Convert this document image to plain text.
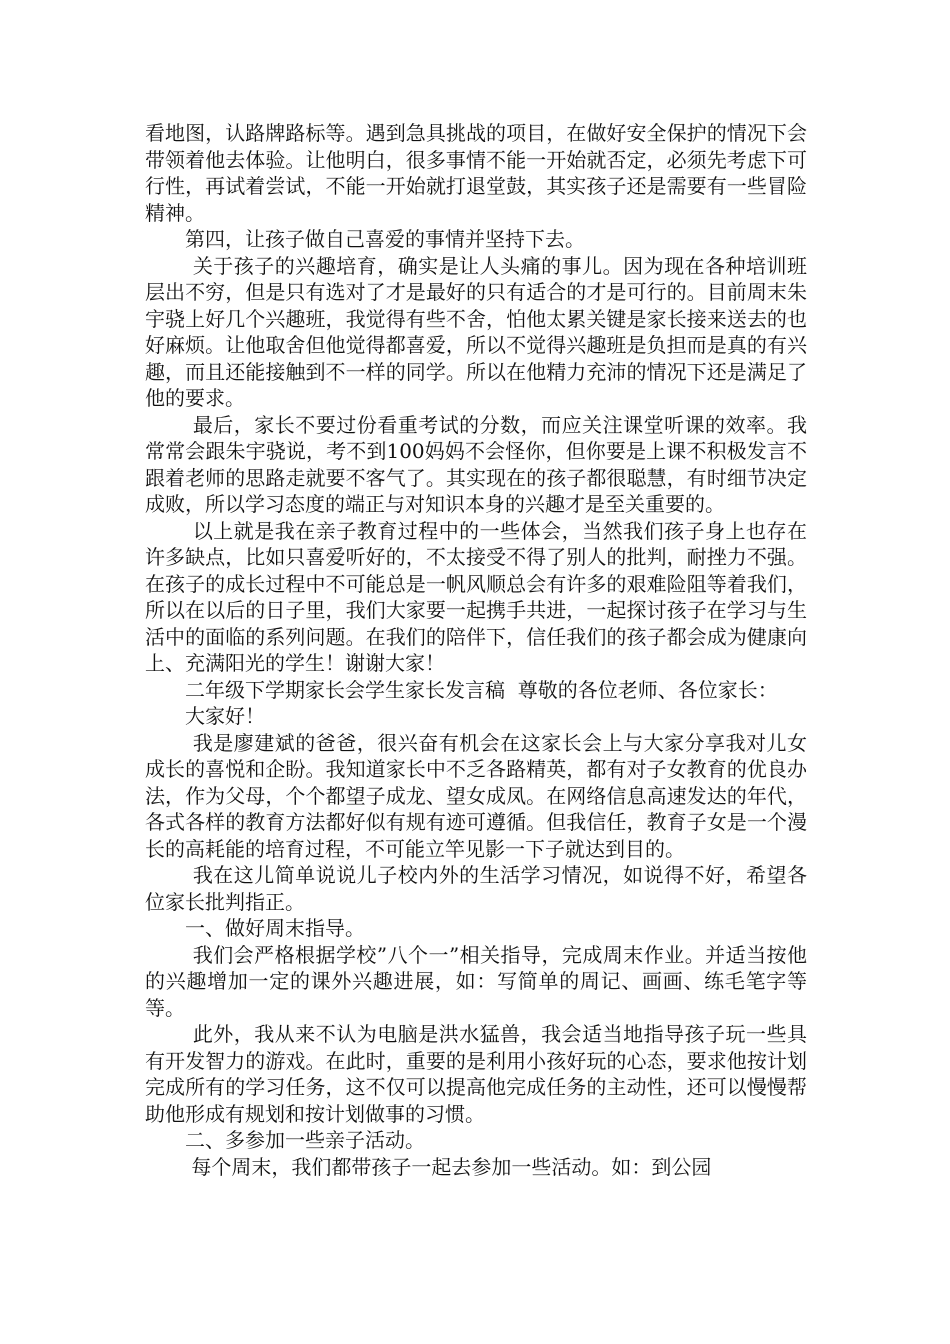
看地图，认路牌路标等。遇到急具挑战的项目，在做好安全保护的情况下会带领着他去体验。让他明白，很多事情不能一开始就否定，必须先考虑下可行性，再试着尝试，不能一开始就打退堂鼓，其实孩子还是需要有一些冒险精神。

　　第四，让孩子做自己喜爱的事情并坚持下去。

　　 关于孩子的兴趣培育，确实是让人头痛的事儿。因为现在各种培训班层出不穷，但是只有选对了才是最好的只有适合的才是可行的。目前周末朱宇骁上好几个兴趣班，我觉得有些不舍，怕他太累关键是家长接来送去的也好麻烦。让他取舍但他觉得都喜爱，所以不觉得兴趣班是负担而是真的有兴趣，而且还能接触到不一样的同学。所以在他精力充沛的情况下还是满足了他的要求。

　　 最后，家长不要过份看重考试的分数，而应关注课堂听课的效率。我常常会跟朱宇骁说，考不到100妈妈不会怪你，但你要是上课不积极发言不跟着老师的思路走就要不客气了。其实现在的孩子都很聪慧，有时细节决定成败，所以学习态度的端正与对知识本身的兴趣才是至关重要的。

　　 以上就是我在亲子教育过程中的一些体会，当然我们孩子身上也存在许多缺点，比如只喜爱听好的，不太接受不得了别人的批判，耐挫力不强。在孩子的成长过程中不可能总是一帆风顺总会有许多的艰难险阻等着我们，所以在以后的日子里，我们大家要一起携手共进，一起探讨孩子在学习与生活中的面临的系列问题。在我们的陪伴下，信任我们的孩子都会成为健康向上、充满阳光的学生！谢谢大家！

　　二年级下学期家长会学生家长发言稿  尊敬的各位老师、各位家长：

　　大家好！

　　 我是廖建斌的爸爸，很兴奋有机会在这家长会上与大家分享我对儿女成长的喜悦和企盼。我知道家长中不乏各路精英，都有对子女教育的优良办法，作为父母，个个都望子成龙、望女成凤。在网络信息高速发达的年代，各式各样的教育方法都好似有规有迹可遵循。但我信任，教育子女是一个漫长的高耗能的培育过程，不可能立竿见影一下子就达到目的。

　　 我在这儿简单说说儿子校内外的生活学习情况，如说得不好，希望各位家长批判指正。

　　一、做好周末指导。

　　 我们会严格根据学校”八个一”相关指导，完成周末作业。并适当按他的兴趣增加一定的课外兴趣进展，如：写简单的周记、画画、练毛笔字等等。

　　 此外，我从来不认为电脑是洪水猛兽，我会适当地指导孩子玩一些具有开发智力的游戏。在此时，重要的是利用小孩好玩的心态，要求他按计划完成所有的学习任务，这不仅可以提高他完成任务的主动性，还可以慢慢帮助他形成有规划和按计划做事的习惯。

　　二、多参加一些亲子活动。

　　 每个周末，我们都带孩子一起去参加一些活动。如：到公园
